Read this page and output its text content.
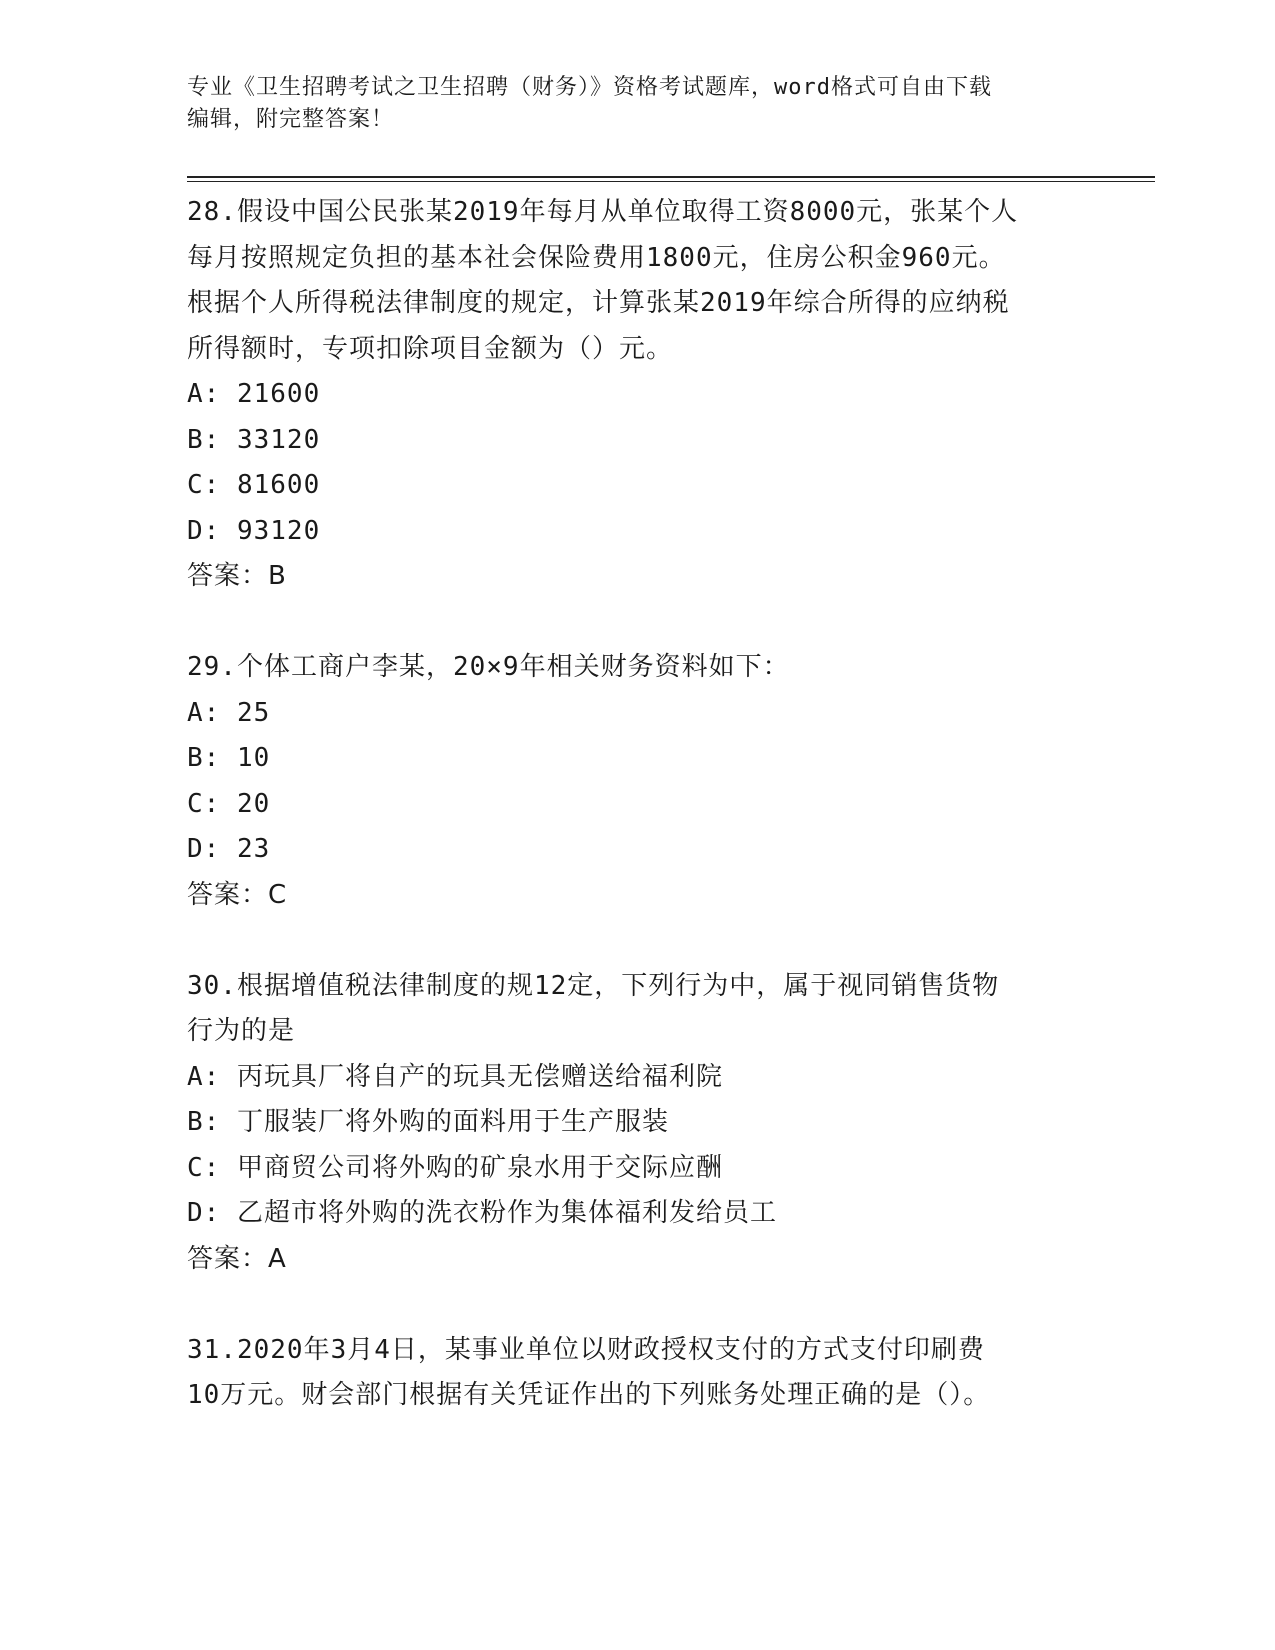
专业《卫生招聘考试之卫生招聘（财务）》资格考试题库，word格式可自由下载
编辑，附完整答案！

28.假设中国公民张某2019年每月从单位取得工资8000元，张某个人

每月按照规定负担的基本社会保险费用1800元，住房公积金960元。

根据个人所得税法律制度的规定，计算张某2019年综合所得的应纳税

所得额时，专项扣除项目金额为（）元。

A: 21600

B: 33120

C: 81600

D: 93120

答案：B

29.个体工商户李某，20×9年相关财务资料如下：

A: 25

B: 10

C: 20

D: 23

答案：C

30.根据增值税法律制度的规12定，下列行为中，属于视同销售货物

行为的是

A: 丙玩具厂将自产的玩具无偿赠送给福利院

B: 丁服装厂将外购的面料用于生产服装

C: 甲商贸公司将外购的矿泉水用于交际应酬

D: 乙超市将外购的洗衣粉作为集体福利发给员工

答案：A

31.2020年3月4日，某事业单位以财政授权支付的方式支付印刷费

10万元。财会部门根据有关凭证作出的下列账务处理正确的是（）。
